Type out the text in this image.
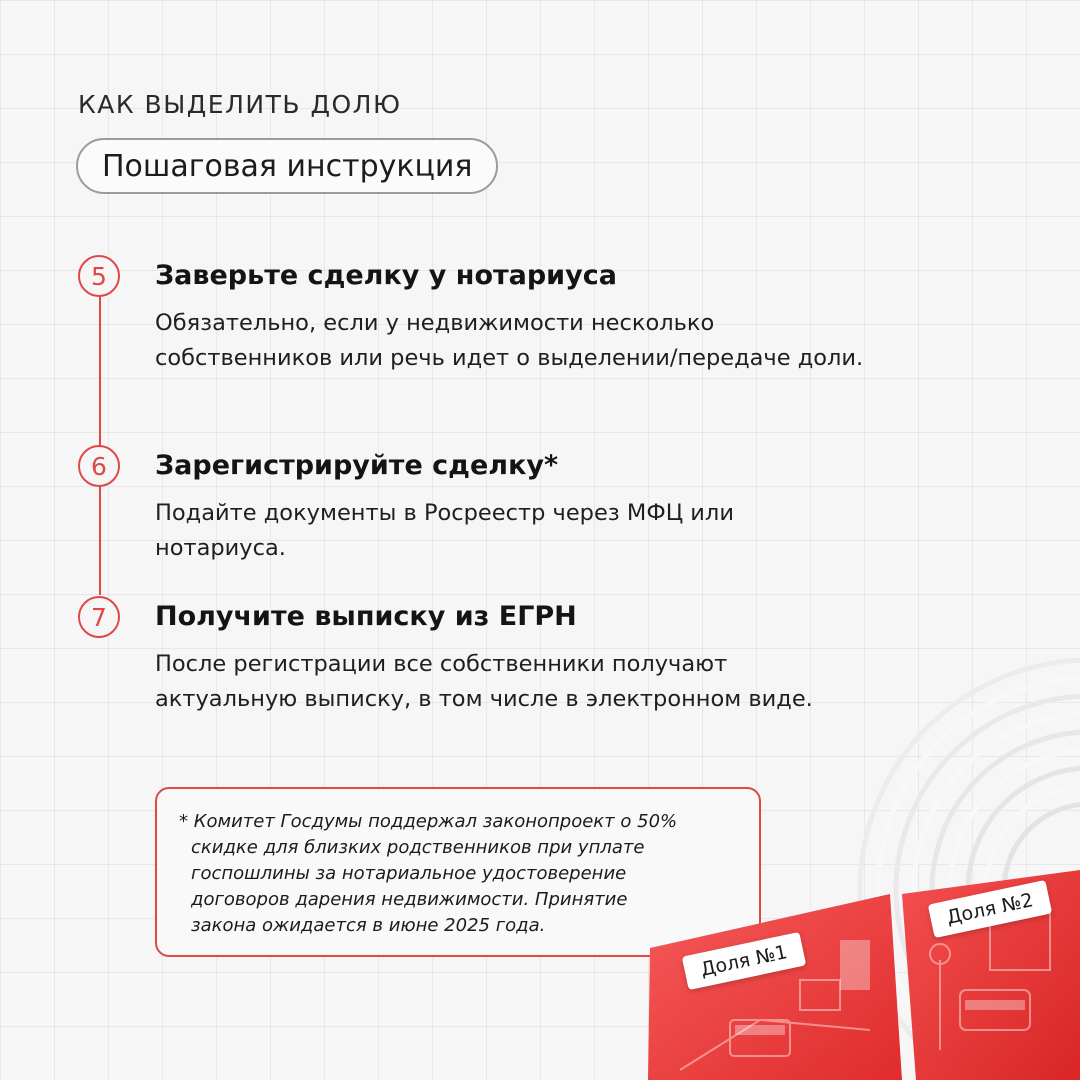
КАК ВЫДЕЛИТЬ ДОЛЮ
Пошаговая инструкция
5	Заверьте сделку у нотариуса
Обязательно, если у недвижимости несколько собственников или речь идет о выделении/передаче доли.
6	Зарегистрируйте сделку*
Подайте документы в Росреестр через МФЦ или нотариуса.
7	Получите выписку из ЕГРН
После регистрации все собственники получают актуальную выписку, в том числе в электронном виде.
* Комитет Госдумы поддержал законопроект о 50%
скидке для близких родственников при уплате
госпошлины за нотариальное удостоверение
договоров дарения недвижимости. Принятие
закона ожидается в июне 2025 года.
Доля №1
Доля №2
